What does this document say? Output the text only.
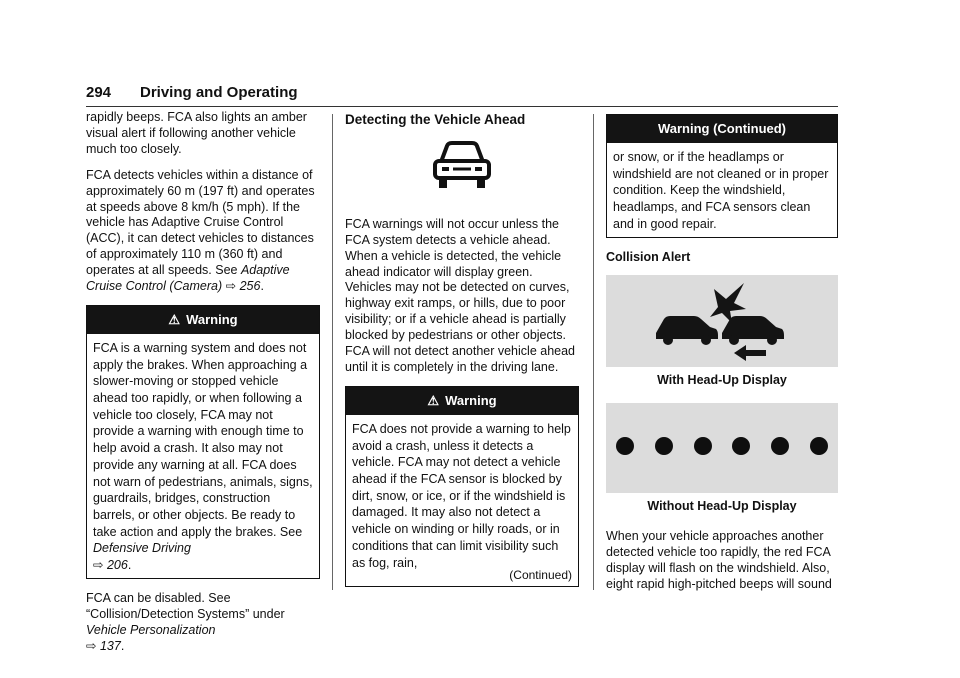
294 Driving and Operating

rapidly beeps. FCA also lights an amber visual alert if following another vehicle much too closely.

FCA detects vehicles within a distance of approximately 60 m (197 ft) and operates at speeds above 8 km/h (5 mph). If the vehicle has Adaptive Cruise Control (ACC), it can detect vehicles to distances of approximately 110 m (360 ft) and operates at all speeds. See Adaptive Cruise Control (Camera) ⇨ 256.

⚠ Warning
FCA is a warning system and does not apply the brakes. When approaching a slower-moving or stopped vehicle ahead too rapidly, or when following a vehicle too closely, FCA may not provide a warning with enough time to help avoid a crash. It also may not provide any warning at all. FCA does not warn of pedestrians, animals, signs, guardrails, bridges, construction barrels, or other objects. Be ready to take action and apply the brakes. See Defensive Driving
⇨ 206.

FCA can be disabled. See “Collision/Detection Systems” under Vehicle Personalization
⇨ 137.

Detecting the Vehicle Ahead

FCA warnings will not occur unless the FCA system detects a vehicle ahead. When a vehicle is detected, the vehicle ahead indicator will display green. Vehicles may not be detected on curves, highway exit ramps, or hills, due to poor visibility; or if a vehicle ahead is partially blocked by pedestrians or other objects. FCA will not detect another vehicle ahead until it is completely in the driving lane.

⚠ Warning
FCA does not provide a warning to help avoid a crash, unless it detects a vehicle. FCA may not detect a vehicle ahead if the FCA sensor is blocked by dirt, snow, or ice, or if the windshield is damaged. It may also not detect a vehicle on winding or hilly roads, or in conditions that can limit visibility such as fog, rain,
(Continued)
Warning (Continued)
or snow, or if the headlamps or windshield are not cleaned or in proper condition. Keep the windshield, headlamps, and FCA sensors clean and in good repair.
Collision Alert
With Head-Up Display
Without Head-Up Display

When your vehicle approaches another detected vehicle too rapidly, the red FCA display will flash on the windshield. Also, eight rapid high-pitched beeps will sound
